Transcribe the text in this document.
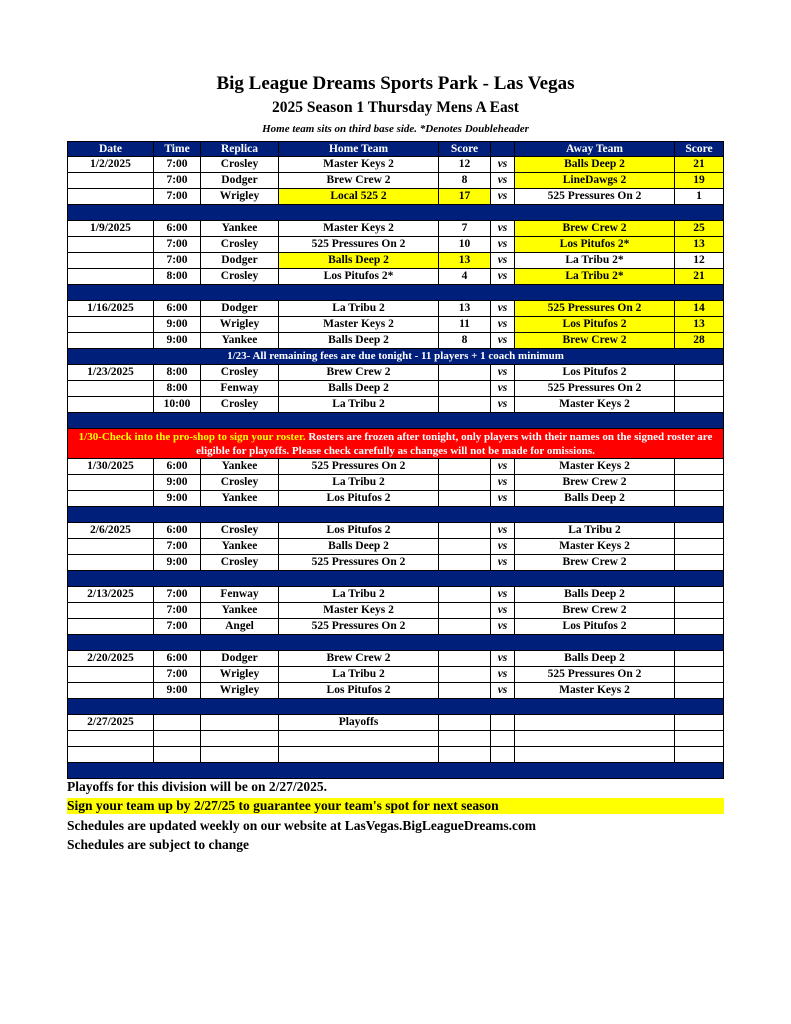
Big League Dreams Sports Park - Las Vegas
2025 Season 1 Thursday Mens A East
Home team sits on third base side. *Denotes Doubleheader
Date	Time	Replica	Home Team	Score	Away Team	Score
1/2/2025	7:00	Crosley	Master Keys 2	12	vs	Balls Deep 2	21
7:00	Dodger	Brew Crew 2	8	vs	LineDawgs 2	19
7:00	Wrigley	Local 525 2	17	vs	525 Pressures On 2	1
1/9/2025	6:00	Yankee	Master Keys 2	7	vs	Brew Crew 2	25
7:00	Crosley	525 Pressures On 2	10	vs	Los Pitufos 2*	13
7:00	Dodger	Balls Deep 2	13	vs	La Tribu 2*	12
8:00	Crosley	Los Pitufos 2*	4	vs	La Tribu 2*	21
1/16/2025	6:00	Dodger	La Tribu 2	13	vs	525 Pressures On 2	14
9:00	Wrigley	Master Keys 2	11	vs	Los Pitufos 2	13
9:00	Yankee	Balls Deep 2	8	vs	Brew Crew 2	28
1/23- All remaining fees are due tonight - 11 players + 1 coach minimum
1/23/2025	8:00	Crosley	Brew Crew 2	vs	Los Pitufos 2
8:00	Fenway	Balls Deep 2	vs	525 Pressures On 2
10:00	Crosley	La Tribu 2	vs	Master Keys 2
1/30-Check into the pro-shop to sign your roster. Rosters are frozen after tonight, only players with their names on the signed roster are eligible for playoffs. Please check carefully as changes will not be made for omissions.
1/30/2025	6:00	Yankee	525 Pressures On 2	vs	Master Keys 2
9:00	Crosley	La Tribu 2	vs	Brew Crew 2
9:00	Yankee	Los Pitufos 2	vs	Balls Deep 2
2/6/2025	6:00	Crosley	Los Pitufos 2	vs	La Tribu 2
7:00	Yankee	Balls Deep 2	vs	Master Keys 2
9:00	Crosley	525 Pressures On 2	vs	Brew Crew 2
2/13/2025	7:00	Fenway	La Tribu 2	vs	Balls Deep 2
7:00	Yankee	Master Keys 2	vs	Brew Crew 2
7:00	Angel	525 Pressures On 2	vs	Los Pitufos 2
2/20/2025	6:00	Dodger	Brew Crew 2	vs	Balls Deep 2
7:00	Wrigley	La Tribu 2	vs	525 Pressures On 2
9:00	Wrigley	Los Pitufos 2	vs	Master Keys 2
2/27/2025	Playoffs
Playoffs for this division will be on 2/27/2025.
Sign your team up by 2/27/25 to guarantee your team's spot for next season
Schedules are updated weekly on our website at LasVegas.BigLeagueDreams.com
Schedules are subject to change
